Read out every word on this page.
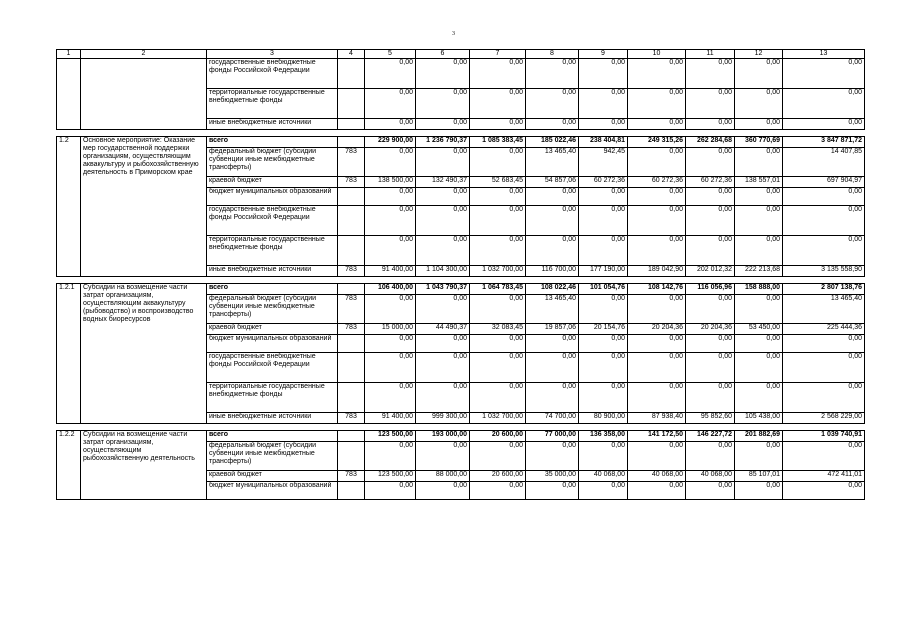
3
1	2	3	4	5	6	7	8	9	10	11	12	13
		государственные внебюджетные фонды Российской Федерации		0,00	0,00	0,00	0,00	0,00	0,00	0,00	0,00	0,00
		территориальные государственные внебюджетные фонды		0,00	0,00	0,00	0,00	0,00	0,00	0,00	0,00	0,00
		иные внебюджетные источники		0,00	0,00	0,00	0,00	0,00	0,00	0,00	0,00	0,00

1.2	Основное мероприятие: Оказание мер государственной поддержки организациям, осуществляющим аквакультуру и рыбохозяйственную деятельность в Приморском крае	всего		229 900,00	1 236 790,37	1 085 383,45	185 022,46	238 404,81	249 315,26	262 284,68	360 770,69	3 847 871,72
		федеральный бюджет (субсидии субвенции иные межбюджетные трансферты)	783	0,00	0,00	0,00	13 465,40	942,45	0,00	0,00	0,00	14 407,85
		краевой бюджет	783	138 500,00	132 490,37	52 683,45	54 857,06	60 272,36	60 272,36	60 272,36	138 557,01	697 904,97
		бюджет муниципальных образований		0,00	0,00	0,00	0,00	0,00	0,00	0,00	0,00	0,00
		государственные внебюджетные фонды Российской Федерации		0,00	0,00	0,00	0,00	0,00	0,00	0,00	0,00	0,00
		территориальные государственные внебюджетные фонды		0,00	0,00	0,00	0,00	0,00	0,00	0,00	0,00	0,00
		иные внебюджетные источники	783	91 400,00	1 104 300,00	1 032 700,00	116 700,00	177 190,00	189 042,90	202 012,32	222 213,68	3 135 558,90

1.2.1	Субсидии на возмещение части затрат организациям, осуществляющим аквакультуру (рыбоводство) и воспроизводство водных биоресурсов	всего		106 400,00	1 043 790,37	1 064 783,45	108 022,46	101 054,76	108 142,76	116 056,96	158 888,00	2 807 138,76
		федеральный бюджет (субсидии субвенции иные межбюджетные трансферты)	783	0,00	0,00	0,00	13 465,40	0,00	0,00	0,00	0,00	13 465,40
		краевой бюджет	783	15 000,00	44 490,37	32 083,45	19 857,06	20 154,76	20 204,36	20 204,36	53 450,00	225 444,36
		бюджет муниципальных образований		0,00	0,00	0,00	0,00	0,00	0,00	0,00	0,00	0,00
		государственные внебюджетные фонды Российской Федерации		0,00	0,00	0,00	0,00	0,00	0,00	0,00	0,00	0,00
		территориальные государственные внебюджетные фонды		0,00	0,00	0,00	0,00	0,00	0,00	0,00	0,00	0,00
		иные внебюджетные источники	783	91 400,00	999 300,00	1 032 700,00	74 700,00	80 900,00	87 938,40	95 852,60	105 438,00	2 568 229,00

1.2.2	Субсидии на возмещение части затрат организациям, осуществляющим рыбохозяйственную деятельность	всего		123 500,00	193 000,00	20 600,00	77 000,00	136 358,00	141 172,50	146 227,72	201 882,69	1 039 740,91
		федеральный бюджет (субсидии субвенции иные межбюджетные трансферты)		0,00	0,00	0,00	0,00	0,00	0,00	0,00	0,00	0,00
		краевой бюджет	783	123 500,00	88 000,00	20 600,00	35 000,00	40 068,00	40 068,00	40 068,00	85 107,01	472 411,01
		бюджет муниципальных образований		0,00	0,00	0,00	0,00	0,00	0,00	0,00	0,00	0,00
